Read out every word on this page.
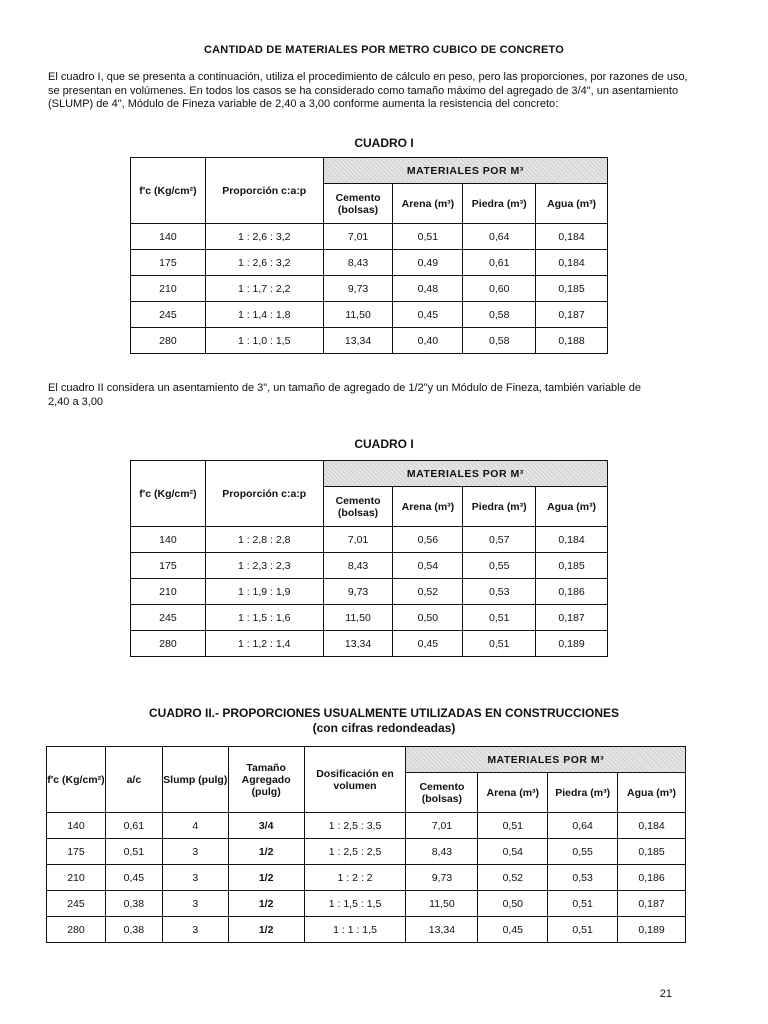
CANTIDAD DE MATERIALES POR METRO CUBICO DE CONCRETO
El cuadro I, que se presenta a continuación, utiliza el procedimiento de cálculo en peso, pero las proporciones, por razones de uso, se presentan en volúmenes. En todos los casos se ha considerado como tamaño máximo del agregado de 3/4", un asentamiento (SLUMP) de 4", Módulo de Fineza variable de 2,40 a 3,00 conforme aumenta la resistencia del concreto:
CUADRO I
f'c (Kg/cm²)	Proporción c:a:p	MATERIALES POR M³			
		Cemento (bolsas)	Arena (m³)	Piedra (m³)	Agua (m³)
140	1 : 2,6 : 3,2	7,01	0,51	0,64	0,184
175	1 : 2,6 : 3,2	8,43	0,49	0,61	0,184
210	1 : 1,7 : 2,2	9,73	0,48	0,60	0,185
245	1 : 1,4 : 1,8	11,50	0,45	0,58	0,187
280	1 : 1,0 : 1,5	13,34	0,40	0,58	0,188
El cuadro II considera un asentamiento de 3", un tamaño de agregado de 1/2"y un Módulo de Fineza, también variable de 2,40 a 3,00
CUADRO I
f'c (Kg/cm²)	Proporción c:a:p	MATERIALES POR M³			
		Cemento (bolsas)	Arena (m³)	Piedra (m³)	Agua (m³)
140	1 : 2,8 : 2,8	7,01	0,56	0,57	0,184
175	1 : 2,3 : 2,3	8,43	0,54	0,55	0,185
210	1 : 1,9 : 1,9	9,73	0,52	0,53	0,186
245	1 : 1,5 : 1,6	11,50	0,50	0,51	0,187
280	1 : 1,2 : 1,4	13,34	0,45	0,51	0,189
CUADRO II.- PROPORCIONES USUALMENTE UTILIZADAS EN CONSTRUCCIONES
(con cifras redondeadas)
f'c (Kg/cm²)	a/c	Slump (pulg)	Tamaño Agregado (pulg)	Dosificación en volumen	MATERIALES POR M³			
					Cemento (bolsas)	Arena (m³)	Piedra (m³)	Agua (m³)
140	0,61	4	3/4	1 : 2,5 : 3,5	7,01	0,51	0,64	0,184
175	0,51	3	1/2	1 : 2,5 : 2,5	8,43	0,54	0,55	0,185
210	0,45	3	1/2	1 : 2 : 2	9,73	0,52	0,53	0,186
245	0,38	3	1/2	1 : 1,5 : 1,5	11,50	0,50	0,51	0,187
280	0,38	3	1/2	1 : 1 : 1,5	13,34	0,45	0,51	0,189
21
